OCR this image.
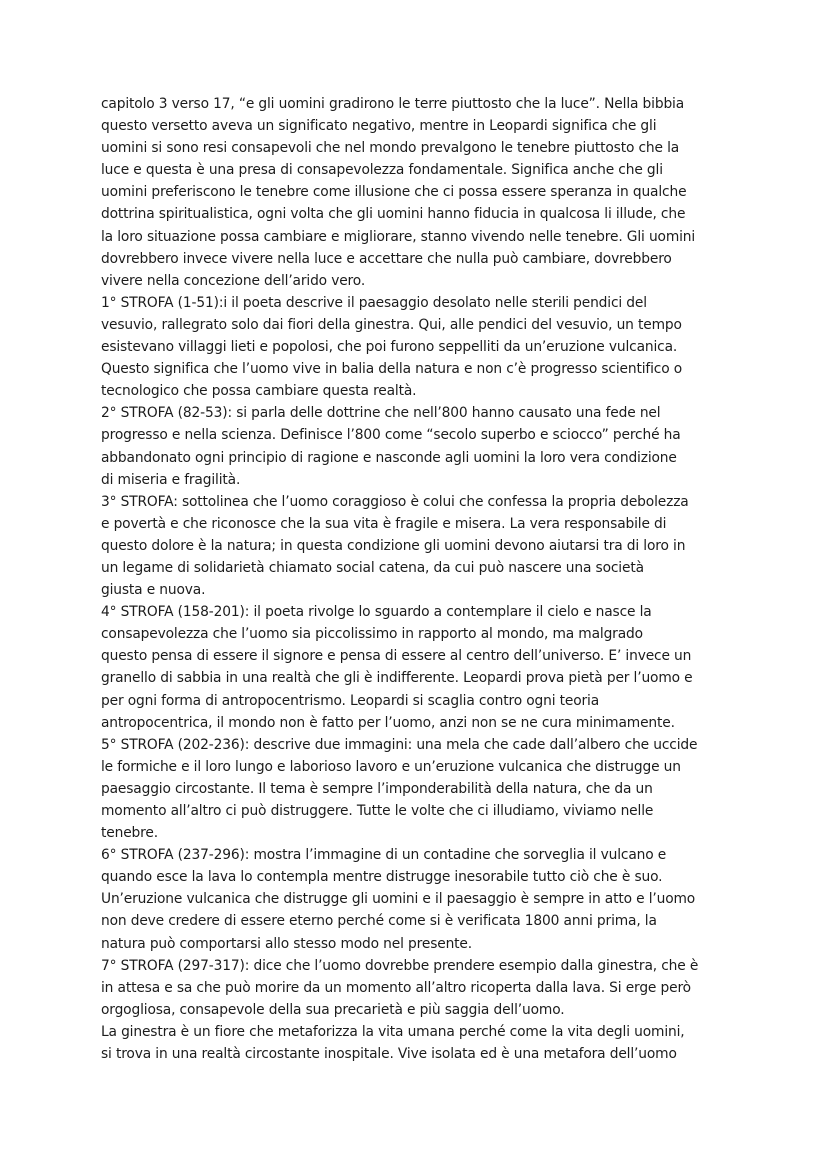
capitolo 3 verso 17, “e gli uomini gradirono le terre piuttosto che la luce”. Nella bibbia
questo versetto aveva un significato negativo, mentre in Leopardi significa che gli
uomini si sono resi consapevoli che nel mondo prevalgono le tenebre piuttosto che la
luce e questa è una presa di consapevolezza fondamentale. Significa anche che gli
uomini preferiscono le tenebre come illusione che ci possa essere speranza in qualche
dottrina spiritualistica, ogni volta che gli uomini hanno fiducia in qualcosa li illude, che
la loro situazione possa cambiare e migliorare, stanno vivendo nelle tenebre. Gli uomini
dovrebbero invece vivere nella luce e accettare che nulla può cambiare, dovrebbero
vivere nella concezione dell’arido vero.
1° STROFA (1-51):i il poeta descrive il paesaggio desolato nelle sterili pendici del
vesuvio, rallegrato solo dai fiori della ginestra. Qui, alle pendici del vesuvio, un tempo
esistevano villaggi lieti e popolosi, che poi furono seppelliti da un’eruzione vulcanica.
Questo significa che l’uomo vive in balia della natura e non c’è progresso scientifico o
tecnologico che possa cambiare questa realtà.
2° STROFA (82-53): si parla delle dottrine che nell’800 hanno causato una fede nel
progresso e nella scienza. Definisce l’800 come “secolo superbo e sciocco” perché ha
abbandonato ogni principio di ragione e nasconde agli uomini la loro vera condizione
di miseria e fragilità.
3° STROFA: sottolinea che l’uomo coraggioso è colui che confessa la propria debolezza
e povertà e che riconosce che la sua vita è fragile e misera. La vera responsabile di
questo dolore è la natura; in questa condizione gli uomini devono aiutarsi tra di loro in
un legame di solidarietà chiamato social catena, da cui può nascere una società
giusta e nuova.
4° STROFA (158-201): il poeta rivolge lo sguardo a contemplare il cielo e nasce la
consapevolezza che l’uomo sia piccolissimo in rapporto al mondo, ma malgrado
questo pensa di essere il signore e pensa di essere al centro dell’universo. E’ invece un
granello di sabbia in una realtà che gli è indifferente. Leopardi prova pietà per l’uomo e
per ogni forma di antropocentrismo. Leopardi si scaglia contro ogni teoria
antropocentrica, il mondo non è fatto per l’uomo, anzi non se ne cura minimamente.
5° STROFA (202-236): descrive due immagini: una mela che cade dall’albero che uccide
le formiche e il loro lungo e laborioso lavoro e un’eruzione vulcanica che distrugge un
paesaggio circostante. Il tema è sempre l’imponderabilità della natura, che da un
momento all’altro ci può distruggere. Tutte le volte che ci illudiamo, viviamo nelle
tenebre.
6° STROFA (237-296): mostra l’immagine di un contadine che sorveglia il vulcano e
quando esce la lava lo contempla mentre distrugge inesorabile tutto ciò che è suo.
Un’eruzione vulcanica che distrugge gli uomini e il paesaggio è sempre in atto e l’uomo
non deve credere di essere eterno perché come si è verificata 1800 anni prima, la
natura può comportarsi allo stesso modo nel presente.
7° STROFA (297-317): dice che l’uomo dovrebbe prendere esempio dalla ginestra, che è
in attesa e sa che può morire da un momento all’altro ricoperta dalla lava. Si erge però
orgogliosa, consapevole della sua precarietà e più saggia dell’uomo.
La ginestra è un fiore che metaforizza la vita umana perché come la vita degli uomini,
si trova in una realtà circostante inospitale. Vive isolata ed è una metafora dell’uomo
